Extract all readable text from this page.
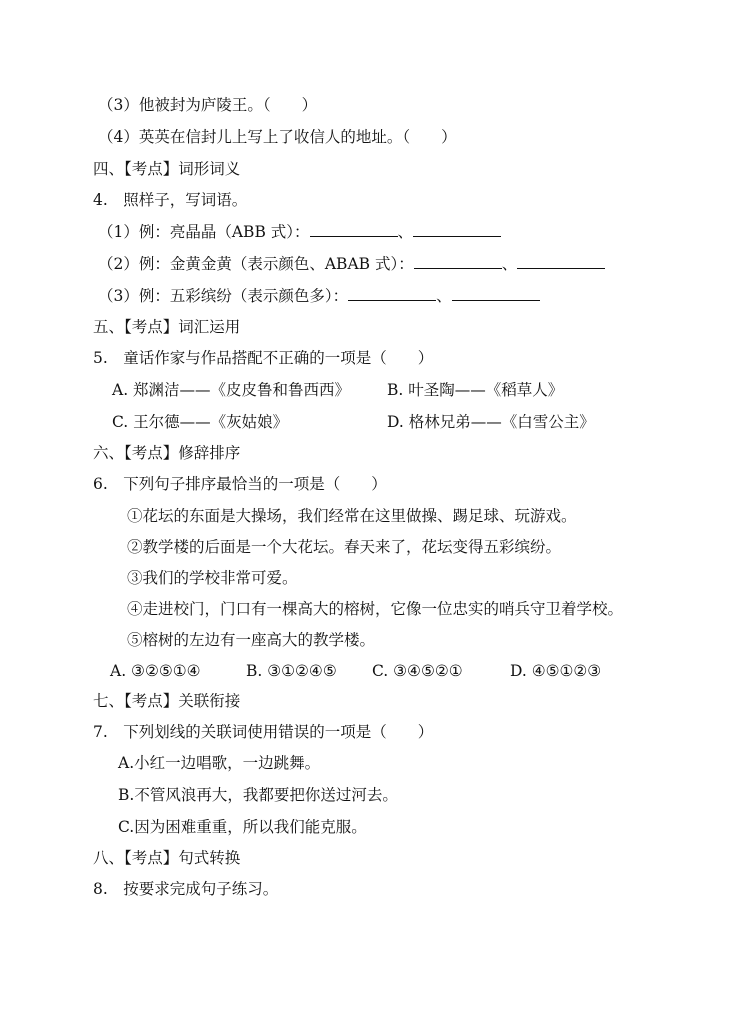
（3）他被封为庐陵王。（　　）
（4）英英在信封儿上写上了收信人的地址。（　　）
四、【考点】词形词义
4.　照样子，写词语。
（1）例：亮晶晶（ABB 式）：	、
（2）例：金黄金黄（表示颜色、ABAB 式）：	、
（3）例：五彩缤纷（表示颜色多）：	、
五、【考点】词汇运用
5.　童话作家与作品搭配不正确的一项是（　　）
A. 郑渊洁——《皮皮鲁和鲁西西》 B. 叶圣陶——《稻草人》
C. 王尔德——《灰姑娘》	D. 格林兄弟——《白雪公主》
六、【考点】修辞排序
6.　下列句子排序最恰当的一项是（　　）
①花坛的东面是大操场，我们经常在这里做操、踢足球、玩游戏。
②教学楼的后面是一个大花坛。春天来了，花坛变得五彩缤纷。
③我们的学校非常可爱。
④走进校门，门口有一棵高大的榕树，它像一位忠实的哨兵守卫着学校。
⑤榕树的左边有一座高大的教学楼。
A. ③②⑤①④	B. ③①②④⑤ C. ③④⑤②①	D. ④⑤①②③
七、【考点】关联衔接
7.　下列划线的关联词使用错误的一项是（　　）
A.小红一边唱歌，一边跳舞。
B.不管风浪再大，我都要把你送过河去。
C.因为困难重重，所以我们能克服。
八、【考点】句式转换
8.　按要求完成句子练习。
